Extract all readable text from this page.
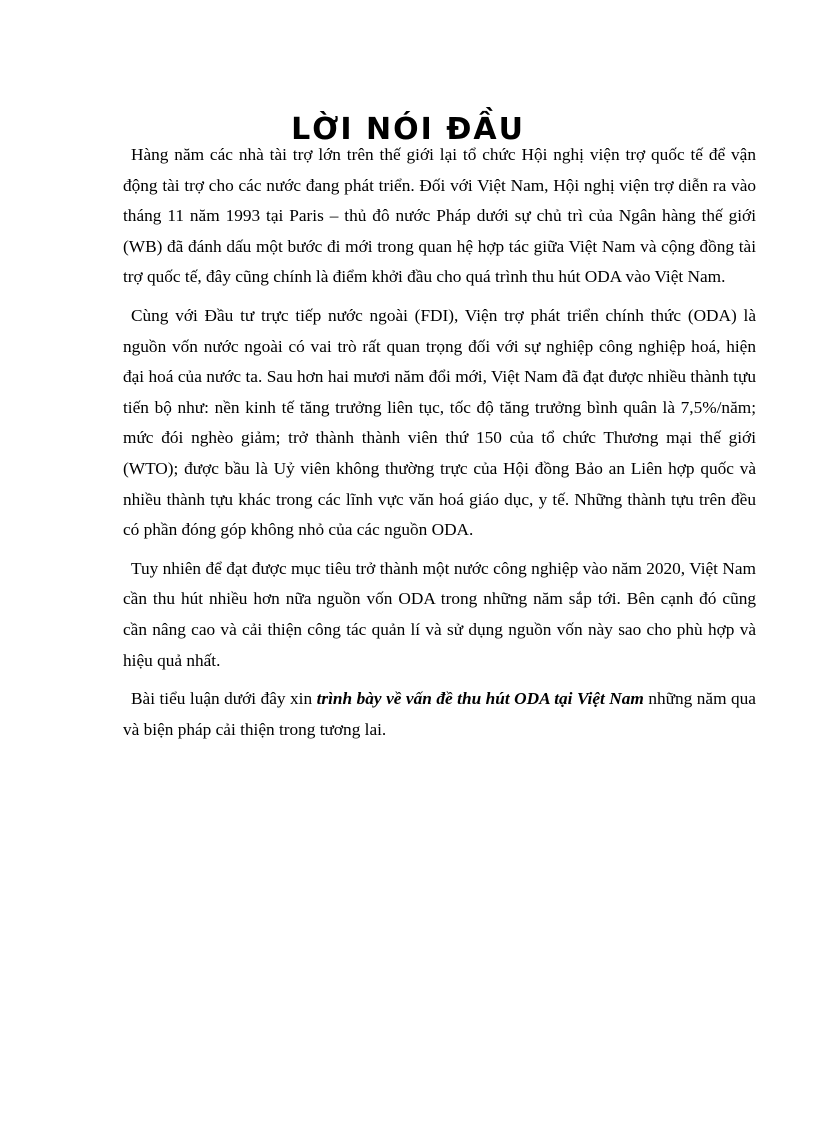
LỜI NÓI ĐẦU

Hàng năm các nhà tài trợ lớn trên thế giới lại tổ chức Hội nghị viện trợ quốc tế để vận động tài trợ cho các nước đang phát triển. Đối với Việt Nam, Hội nghị viện trợ diễn ra vào tháng 11 năm 1993 tại Paris – thủ đô nước Pháp dưới sự chủ trì của Ngân hàng thế giới (WB) đã đánh dấu một bước đi mới trong quan hệ hợp tác giữa Việt Nam và cộng đồng tài trợ quốc tế, đây cũng chính là điểm khởi đầu cho quá trình thu hút ODA vào Việt Nam.

Cùng với Đầu tư trực tiếp nước ngoài (FDI), Viện trợ phát triển chính thức (ODA) là nguồn vốn nước ngoài có vai trò rất quan trọng đối với sự nghiệp công nghiệp hoá, hiện đại hoá của nước ta. Sau hơn hai mươi năm đổi mới, Việt Nam đã đạt được nhiều thành tựu tiến bộ như: nền kinh tế tăng trưởng liên tục, tốc độ tăng trưởng bình quân là 7,5%/năm; mức đói nghèo giảm; trở thành thành viên thứ 150 của tổ chức Thương mại thế giới (WTO); được bầu là Uỷ viên không thường trực của Hội đồng Bảo an Liên hợp quốc và nhiều thành tựu khác trong các lĩnh vực văn hoá giáo dục, y tế. Những thành tựu trên đều có phần đóng góp không nhỏ của các nguồn ODA.

Tuy nhiên để đạt được mục tiêu trở thành một nước công nghiệp vào năm 2020, Việt Nam cần thu hút nhiều hơn nữa nguồn vốn ODA trong những năm sắp tới. Bên cạnh đó cũng cần nâng cao và cải thiện công tác quản lí và sử dụng nguồn vốn này sao cho phù hợp và hiệu quả nhất.

Bài tiểu luận dưới đây xin trình bày về vấn đề thu hút ODA tại Việt Nam những năm qua và biện pháp cải thiện trong tương lai.
